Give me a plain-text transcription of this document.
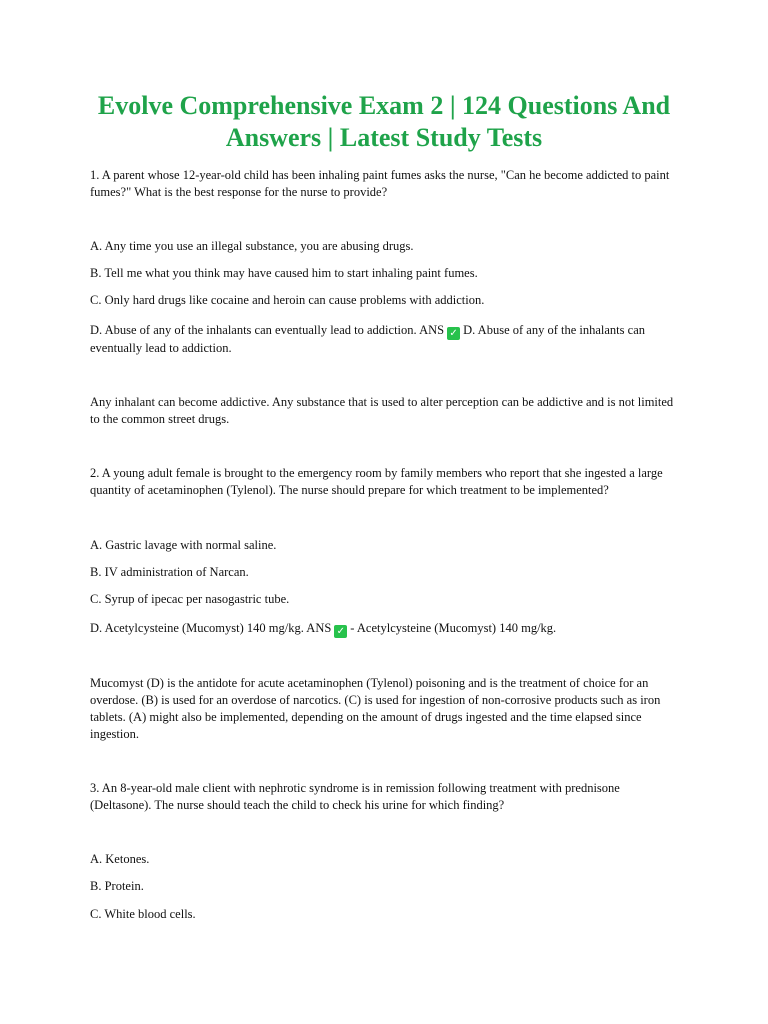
Evolve Comprehensive Exam 2 | 124 Questions And Answers | Latest Study Tests

1. A parent whose 12-year-old child has been inhaling paint fumes asks the nurse, "Can he become addicted to paint fumes?" What is the best response for the nurse to provide?

A. Any time you use an illegal substance, you are abusing drugs.

B. Tell me what you think may have caused him to start inhaling paint fumes.

C. Only hard drugs like cocaine and heroin can cause problems with addiction.

D. Abuse of any of the inhalants can eventually lead to addiction. ANS ✓ D. Abuse of any of the inhalants can eventually lead to addiction.

Any inhalant can become addictive. Any substance that is used to alter perception can be addictive and is not limited to the common street drugs.

2. A young adult female is brought to the emergency room by family members who report that she ingested a large quantity of acetaminophen (Tylenol). The nurse should prepare for which treatment to be implemented?

A. Gastric lavage with normal saline.

B. IV administration of Narcan.

C. Syrup of ipecac per nasogastric tube.

D. Acetylcysteine (Mucomyst) 140 mg/kg. ANS ✓ - Acetylcysteine (Mucomyst) 140 mg/kg.

Mucomyst (D) is the antidote for acute acetaminophen (Tylenol) poisoning and is the treatment of choice for an overdose. (B) is used for an overdose of narcotics. (C) is used for ingestion of non-corrosive products such as iron tablets. (A) might also be implemented, depending on the amount of drugs ingested and the time elapsed since ingestion.

3. An 8-year-old male client with nephrotic syndrome is in remission following treatment with prednisone (Deltasone). The nurse should teach the child to check his urine for which finding?

A. Ketones.

B. Protein.

C. White blood cells.
